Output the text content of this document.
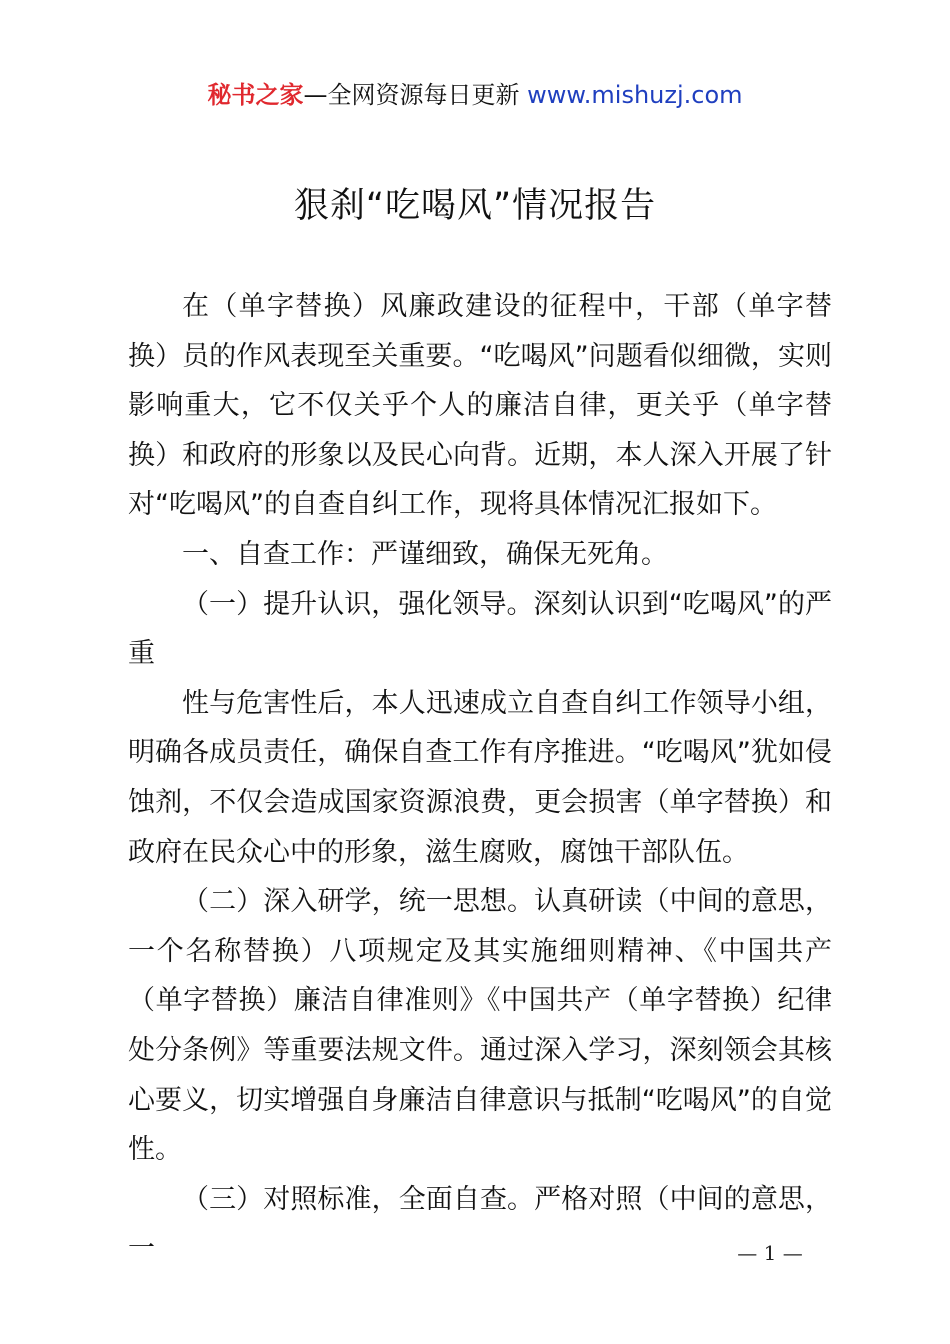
秘书之家—全网资源每日更新 www.mishuzj.com
狠刹“吃喝风”情况报告

在（单字替换）风廉政建设的征程中，干部（单字替换）员的作风表现至关重要。“吃喝风”问题看似细微，实则影响重大，它不仅关乎个人的廉洁自律，更关乎（单字替换）和政府的形象以及民心向背。近期，本人深入开展了针对“吃喝风”的自查自纠工作，现将具体情况汇报如下。

一、自查工作：严谨细致，确保无死角。

（一）提升认识，强化领导。深刻认识到“吃喝风”的严重

性与危害性后，本人迅速成立自查自纠工作领导小组，明确各成员责任，确保自查工作有序推进。“吃喝风”犹如侵蚀剂，不仅会造成国家资源浪费，更会损害（单字替换）和政府在民众心中的形象，滋生腐败，腐蚀干部队伍。

（二）深入研学，统一思想。认真研读（中间的意思，一个名称替换）八项规定及其实施细则精神、《中国共产（单字替换）廉洁自律准则》《中国共产（单字替换）纪律处分条例》等重要法规文件。通过深入学习，深刻领会其核心要义，切实增强自身廉洁自律意识与抵制“吃喝风”的自觉性。

（三）对照标准，全面自查。严格对照（中间的意思，一	— 1 —
